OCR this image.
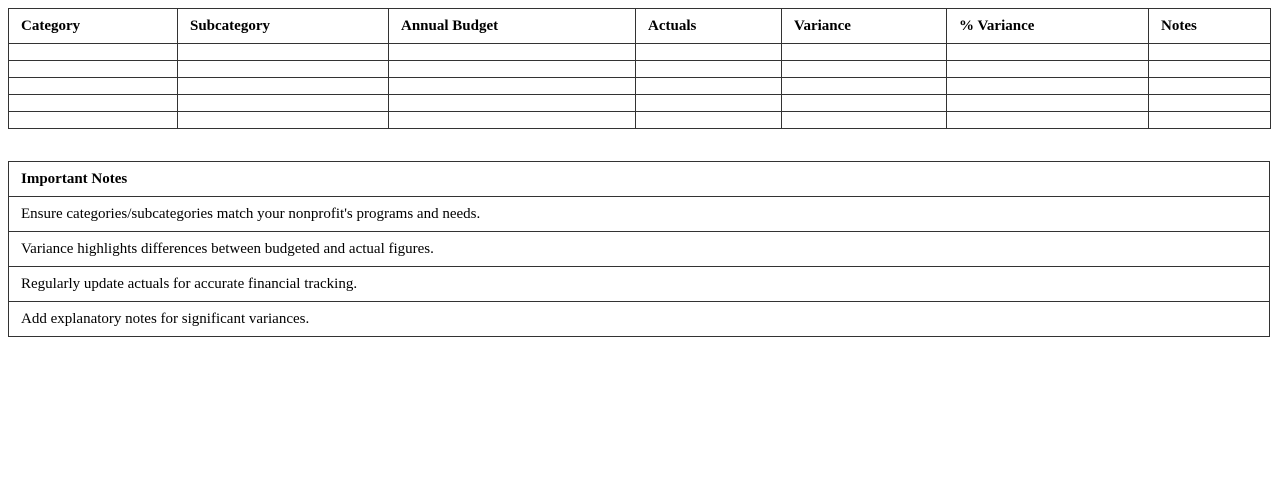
Category	Subcategory	Annual Budget	Actuals	Variance	% Variance	Notes

Important Notes
Ensure categories/subcategories match your nonprofit's programs and needs.
Variance highlights differences between budgeted and actual figures.
Regularly update actuals for accurate financial tracking.
Add explanatory notes for significant variances.
